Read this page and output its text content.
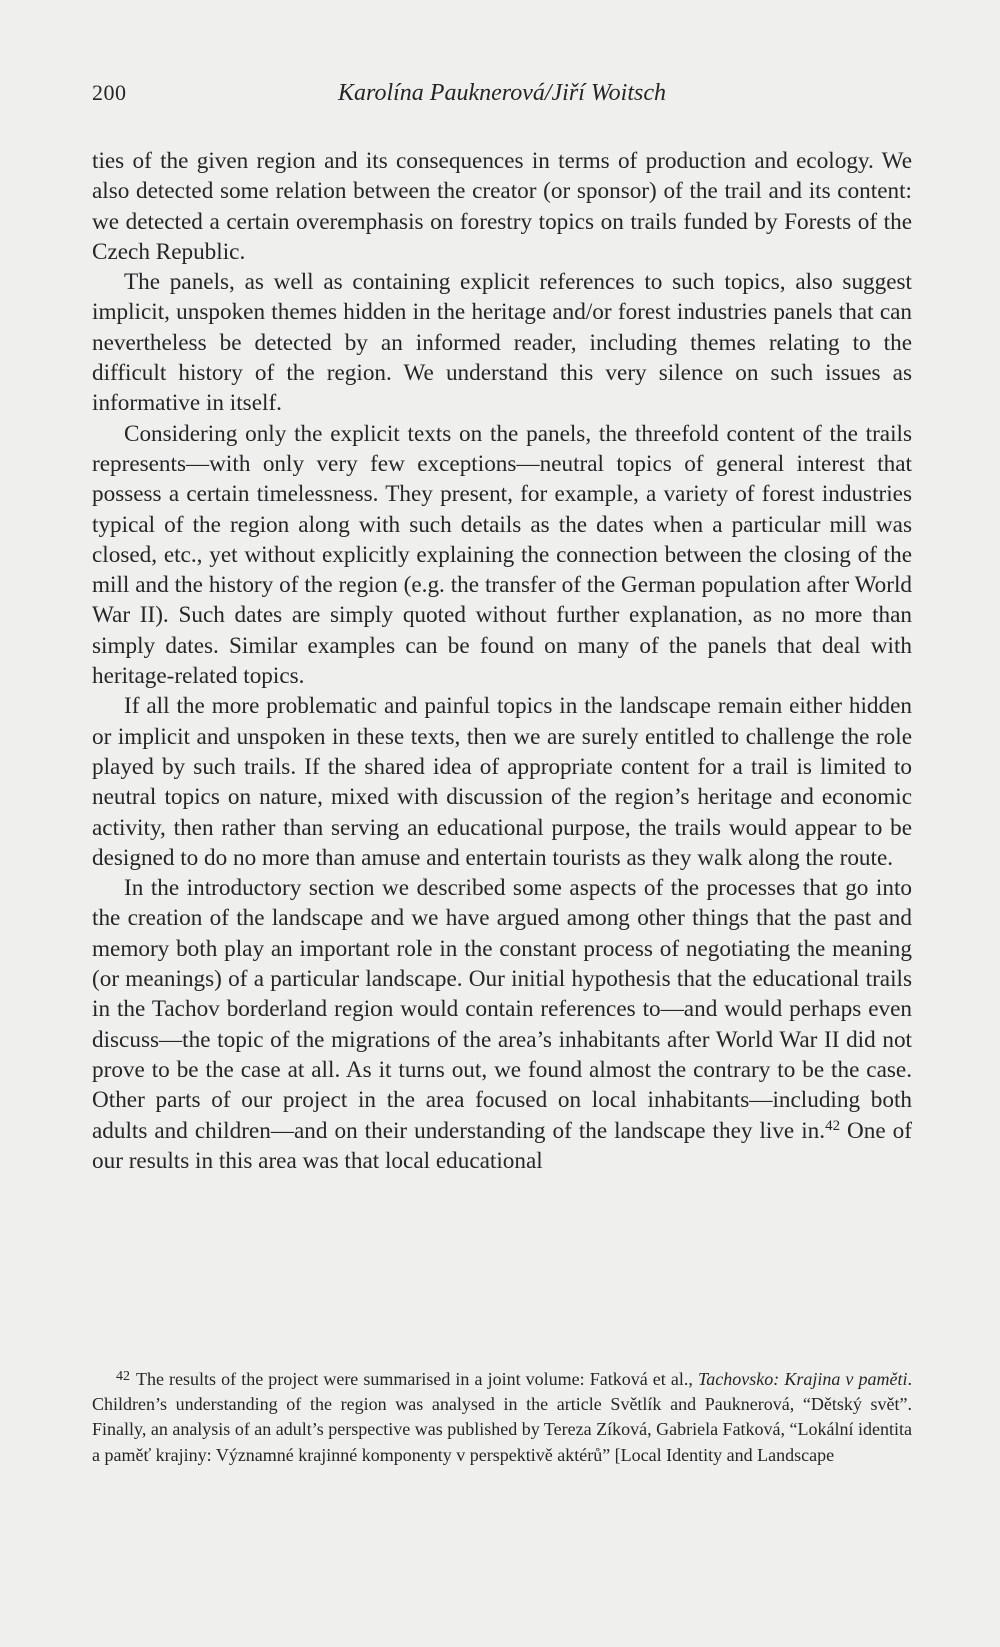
200	Karolína Pauknerová/Jiří Woitsch

ties of the given region and its consequences in terms of production and ecology. We also detected some relation between the creator (or sponsor) of the trail and its content: we detected a certain overemphasis on forestry topics on trails funded by Forests of the Czech Republic.

The panels, as well as containing explicit references to such topics, also suggest implicit, unspoken themes hidden in the heritage and/or forest industries panels that can nevertheless be detected by an informed reader, including themes relating to the difficult history of the region. We understand this very silence on such issues as informative in itself.

Considering only the explicit texts on the panels, the threefold content of the trails represents—with only very few exceptions—neutral topics of general interest that possess a certain timelessness. They present, for example, a variety of forest industries typical of the region along with such details as the dates when a particular mill was closed, etc., yet without explicitly explaining the connection between the closing of the mill and the history of the region (e.g. the transfer of the German population after World War II). Such dates are simply quoted without further explanation, as no more than simply dates. Similar examples can be found on many of the panels that deal with heritage-related topics.

If all the more problematic and painful topics in the landscape remain either hidden or implicit and unspoken in these texts, then we are surely entitled to challenge the role played by such trails. If the shared idea of appropriate content for a trail is limited to neutral topics on nature, mixed with discussion of the region’s heritage and economic activity, then rather than serving an educational purpose, the trails would appear to be designed to do no more than amuse and entertain tourists as they walk along the route.

In the introductory section we described some aspects of the processes that go into the creation of the landscape and we have argued among other things that the past and memory both play an important role in the constant process of negotiating the meaning (or meanings) of a particular landscape. Our initial hypothesis that the educational trails in the Tachov borderland region would contain references to—and would perhaps even discuss—the topic of the migrations of the area’s inhabitants after World War II did not prove to be the case at all. As it turns out, we found almost the contrary to be the case. Other parts of our project in the area focused on local inhabitants—including both adults and children—and on their understanding of the landscape they live in.$^{42}$ One of our results in this area was that local educational

$^{42}$ The results of the project were summarised in a joint volume: Fatková et al., Tachovsko: Krajina v paměti. Children’s understanding of the region was analysed in the article Světlík and Pauknerová, “Dětský svět”. Finally, an analysis of an adult’s perspective was published by Tereza Zíková, Gabriela Fatková, “Lokální identita a paměť krajiny: Významné krajinné komponenty v perspektivě aktérů” [Local Identity and Landscape
